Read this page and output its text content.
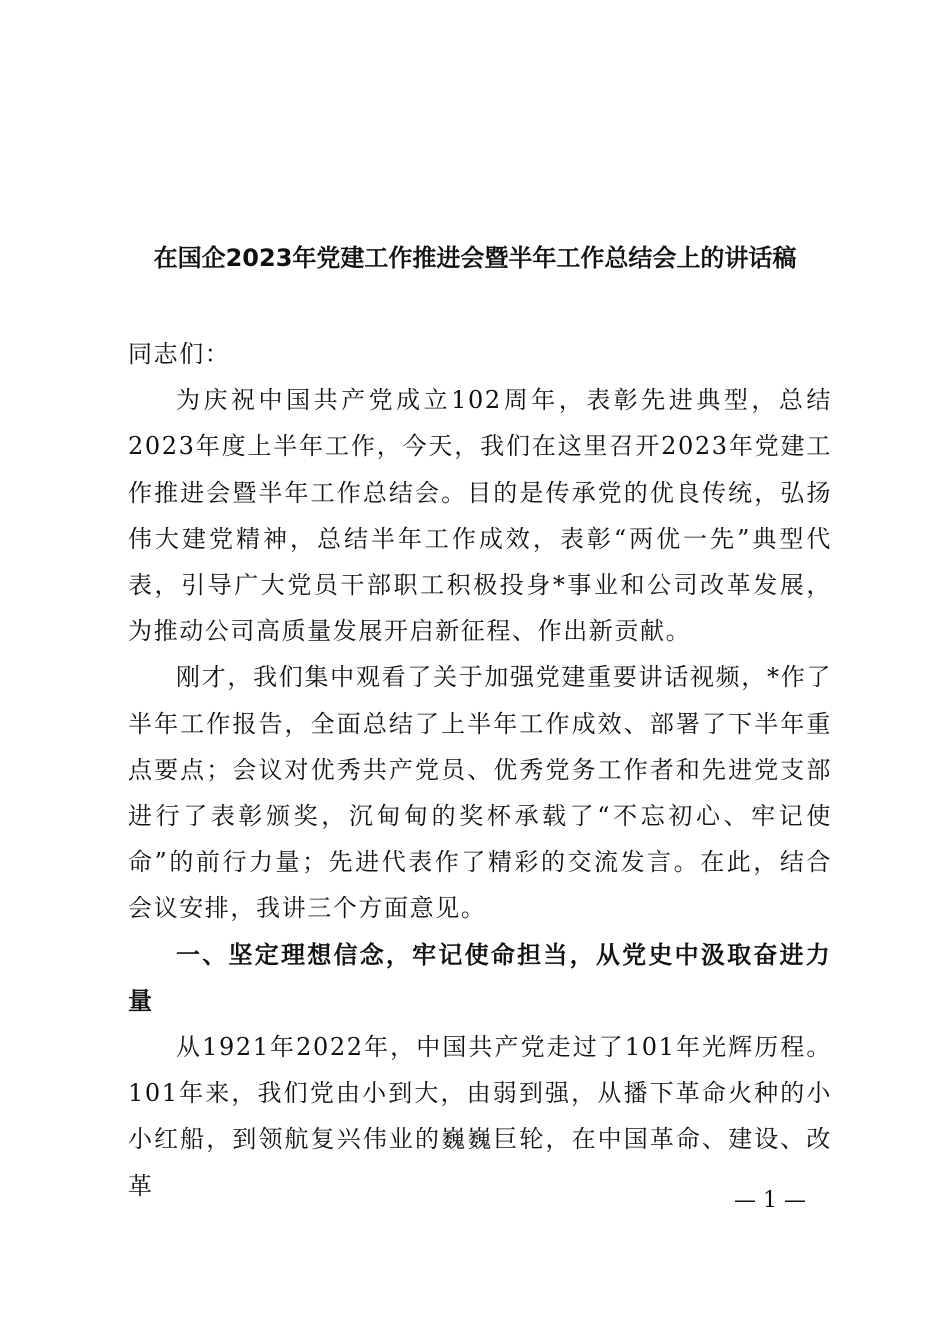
在国企2023年党建工作推进会暨半年工作总结会上的讲话稿

同志们：

为庆祝中国共产党成立102周年，表彰先进典型，总结2023年度上半年工作，今天，我们在这里召开2023年党建工作推进会暨半年工作总结会。目的是传承党的优良传统，弘扬伟大建党精神，总结半年工作成效，表彰“两优一先”典型代表，引导广大党员干部职工积极投身*事业和公司改革发展，为推动公司高质量发展开启新征程、作出新贡献。

刚才，我们集中观看了关于加强党建重要讲话视频，*作了半年工作报告，全面总结了上半年工作成效、部署了下半年重点要点；会议对优秀共产党员、优秀党务工作者和先进党支部进行了表彰颁奖，沉甸甸的奖杯承载了“不忘初心、牢记使命”的前行力量；先进代表作了精彩的交流发言。在此，结合会议安排，我讲三个方面意见。

一、坚定理想信念，牢记使命担当，从党史中汲取奋进力量

从1921年2022年，中国共产党走过了101年光辉历程。101年来，我们党由小到大，由弱到强，从播下革命火种的小小红船，到领航复兴伟业的巍巍巨轮，在中国革命、建设、改革

— 1 —
